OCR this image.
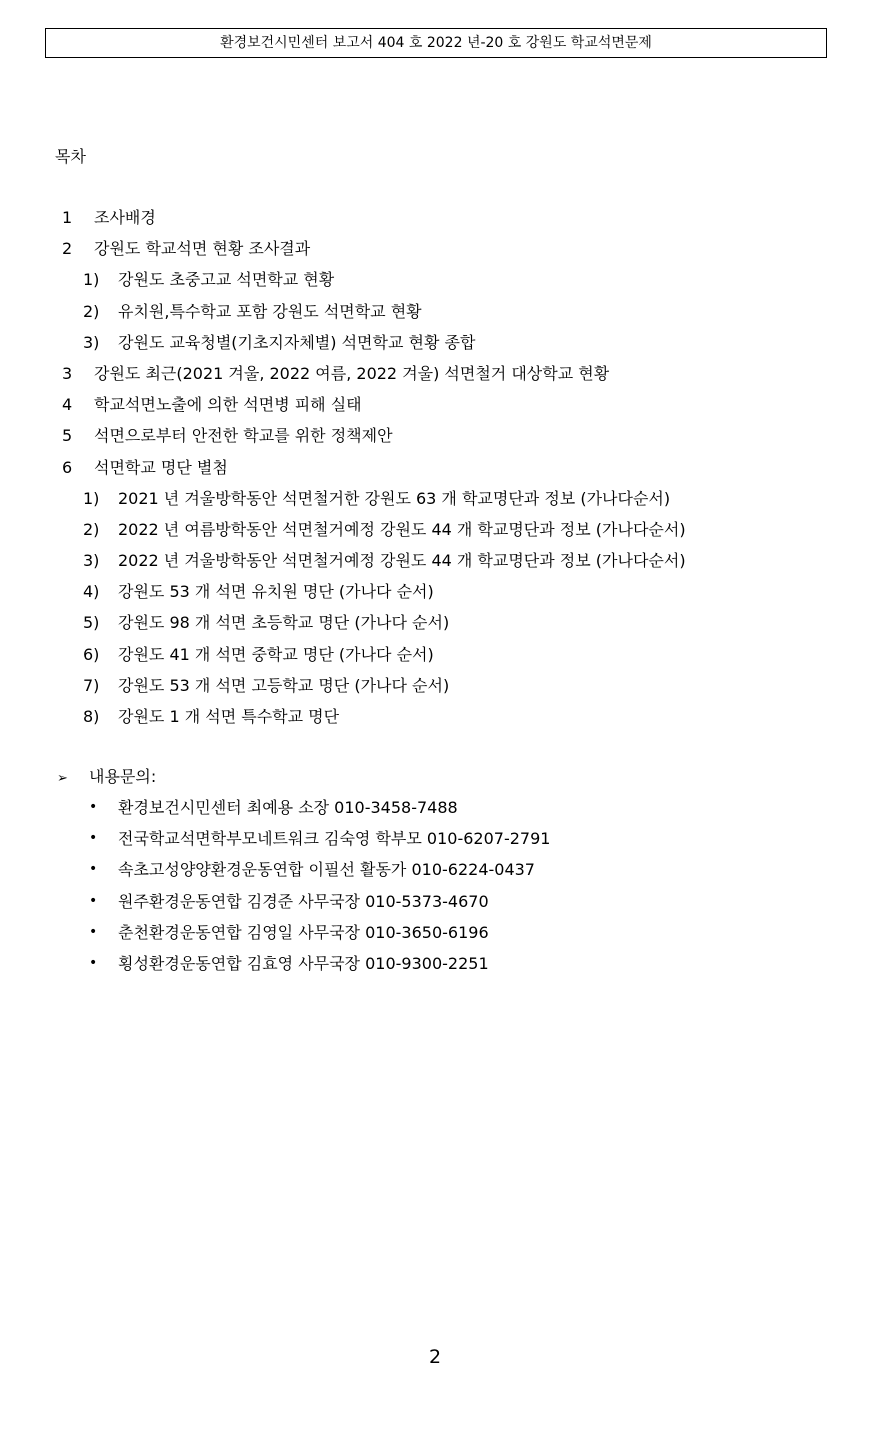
환경보건시민센터 보고서 404 호 2022 년-20 호 강원도 학교석면문제
목차
1 조사배경
2 강원도 학교석면 현황 조사결과
1) 강원도 초중고교 석면학교 현황
2) 유치원,특수학교 포함 강원도 석면학교 현황
3) 강원도 교육청별(기초지자체별) 석면학교 현황 종합
3 강원도 최근(2021 겨울, 2022 여름, 2022 겨울) 석면철거 대상학교 현황
4 학교석면노출에 의한 석면병 피해 실태
5 석면으로부터 안전한 학교를 위한 정책제안
6 석면학교 명단 별첨
1) 2021 년 겨울방학동안 석면철거한 강원도 63 개 학교명단과 정보 (가나다순서)
2) 2022 년 여름방학동안 석면철거예정 강원도 44 개 학교명단과 정보 (가나다순서)
3) 2022 년 겨울방학동안 석면철거예정 강원도 44 개 학교명단과 정보 (가나다순서)
4) 강원도 53 개 석면 유치원 명단 (가나다 순서)
5) 강원도 98 개 석면 초등학교 명단 (가나다 순서)
6) 강원도 41 개 석면 중학교 명단 (가나다 순서)
7) 강원도 53 개 석면 고등학교 명단 (가나다 순서)
8) 강원도 1 개 석면 특수학교 명단
➢ 내용문의:
• 환경보건시민센터 최예용 소장 010-3458-7488
• 전국학교석면학부모네트워크 김숙영 학부모 010-6207-2791
• 속초고성양양환경운동연합 이필선 활동가 010-6224-0437
• 원주환경운동연합 김경준 사무국장 010-5373-4670
• 춘천환경운동연합 김영일 사무국장 010-3650-6196
• 횡성환경운동연합 김효영 사무국장 010-9300-2251
2
